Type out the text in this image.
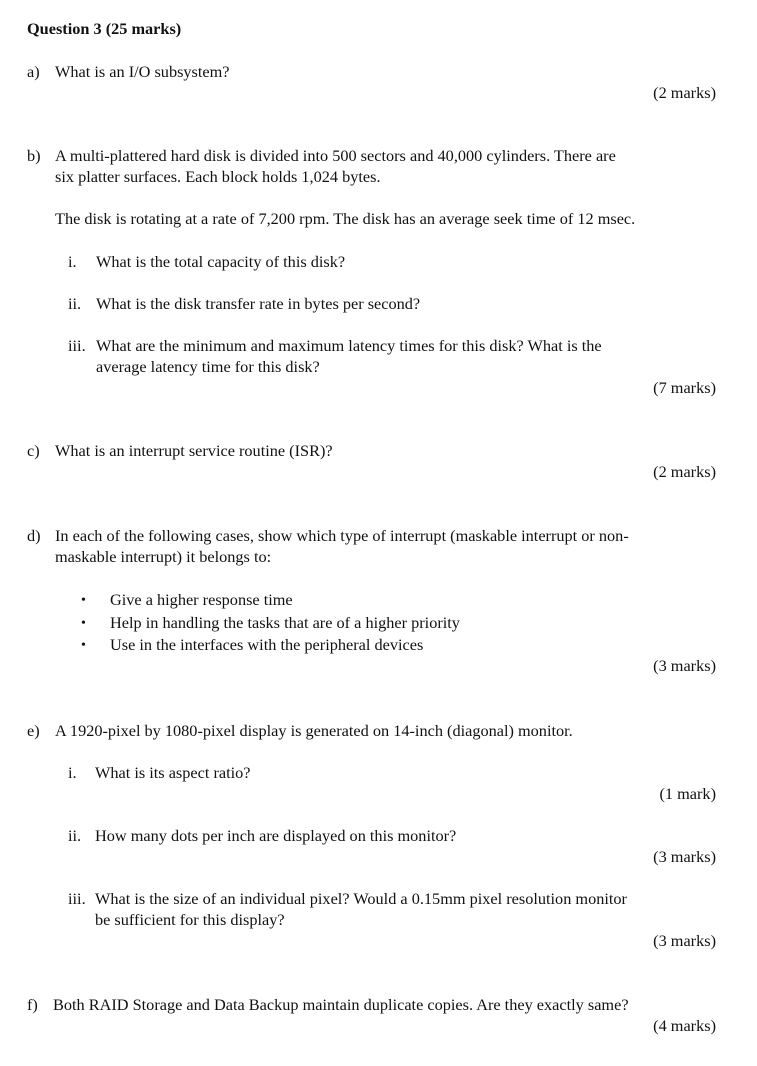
Question 3 (25 marks)
a) What is an I/O subsystem?
(2 marks)
b) A multi-plattered hard disk is divided into 500 sectors and 40,000 cylinders. There are
six platter surfaces. Each block holds 1,024 bytes.
The disk is rotating at a rate of 7,200 rpm. The disk has an average seek time of 12 msec.
i. What is the total capacity of this disk?
ii. What is the disk transfer rate in bytes per second?
iii. What are the minimum and maximum latency times for this disk? What is the
average latency time for this disk?
(7 marks)
c) What is an interrupt service routine (ISR)?
(2 marks)
d) In each of the following cases, show which type of interrupt (maskable interrupt or non-
maskable interrupt) it belongs to:
• Give a higher response time
• Help in handling the tasks that are of a higher priority
• Use in the interfaces with the peripheral devices
(3 marks)
e) A 1920-pixel by 1080-pixel display is generated on 14-inch (diagonal) monitor.
i. What is its aspect ratio?
(1 mark)
ii. How many dots per inch are displayed on this monitor?
(3 marks)
iii. What is the size of an individual pixel? Would a 0.15mm pixel resolution monitor
be sufficient for this display?
(3 marks)
f) Both RAID Storage and Data Backup maintain duplicate copies. Are they exactly same?
(4 marks)
